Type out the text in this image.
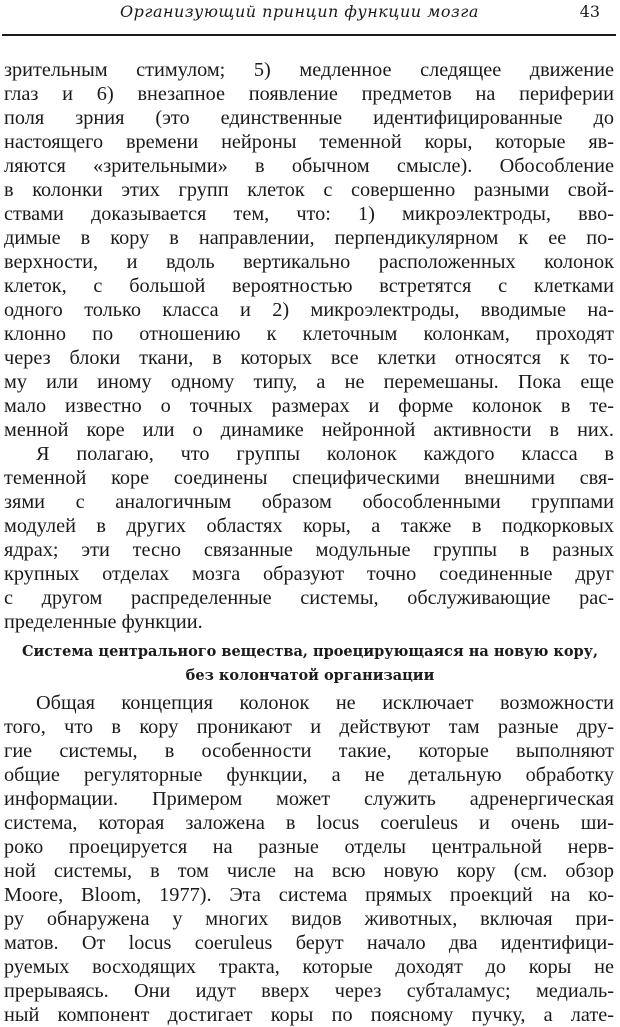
Организующий принцип функции мозга	43
зрительным стимулом; 5) медленное следящее движение
глаз и 6) внезапное появление предметов на периферии
поля зрния (это единственные идентифицированные до
настоящего времени нейроны теменной коры, которые яв-
ляются «зрительными» в обычном смысле). Обособление
в колонки этих групп клеток с совершенно разными свой-
ствами доказывается тем, что: 1) микроэлектроды, вво-
димые в кору в направлении, перпендикулярном к ее по-
верхности, и вдоль вертикально расположенных колонок
клеток, с большой вероятностью встретятся с клетками
одного только класса и 2) микроэлектроды, вводимые на-
клонно по отношению к клеточным колонкам, проходят
через блоки ткани, в которых все клетки относятся к то-
му или иному одному типу, а не перемешаны. Пока еще
мало известно о точных размерах и форме колонок в те-
менной коре или о динамике нейронной активности в них.
Я полагаю, что группы колонок каждого класса в
теменной коре соединены специфическими внешними свя-
зями с аналогичным образом обособленными группами
модулей в других областях коры, а также в подкорковых
ядрах; эти тесно связанные модульные группы в разных
крупных отделах мозга образуют точно соединенные друг
с другом распределенные системы, обслуживающие рас-
пределенные функции.
Система центрального вещества, проецирующаяся на новую кору,
без колончатой организации
Общая концепция колонок не исключает возможности
того, что в кору проникают и действуют там разные дру-
гие системы, в особенности такие, которые выполняют
общие регуляторные функции, а не детальную обработку
информации. Примером может служить адренергическая
система, которая заложена в locus coeruleus и очень ши-
роко проецируется на разные отделы центральной нерв-
ной системы, в том числе на всю новую кору (см. обзор
Moore, Bloom, 1977). Эта система прямых проекций на ко-
ру обнаружена у многих видов животных, включая при-
матов. От locus coeruleus берут начало два идентифици-
руемых восходящих тракта, которые доходят до коры не
прерываясь. Они идут вверх через субталамус; медиаль-
ный компонент достигает коры по поясному пучку, а лате-
